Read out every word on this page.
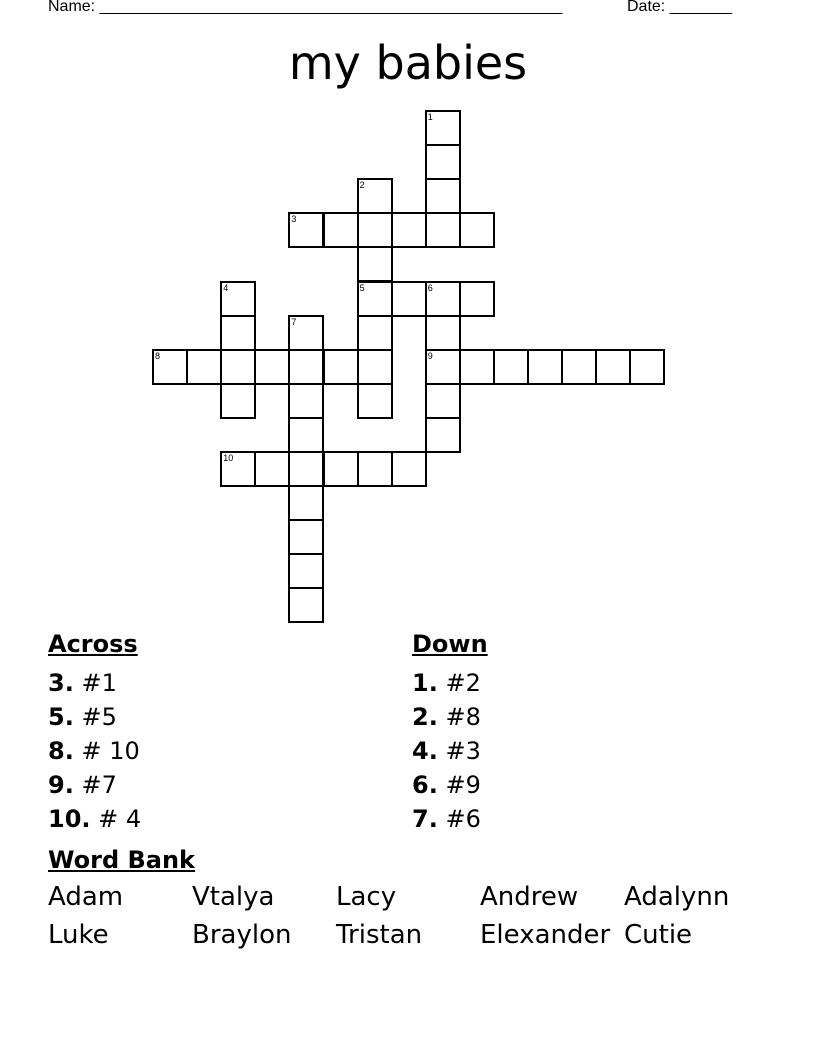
Name: ____________________________________________________	Date: _______
my babies
3
5	6
8	9
10
1
2
4
7
Across
3. #1
5. #5
8. # 10
9. #7
10. # 4
Down
1. #2
2. #8
4. #3
6. #9
7. #6
Word Bank
Adam	Vtalya Lacy	Andrew Adalynn
Luke	Braylon Tristan Elexander Cutie
